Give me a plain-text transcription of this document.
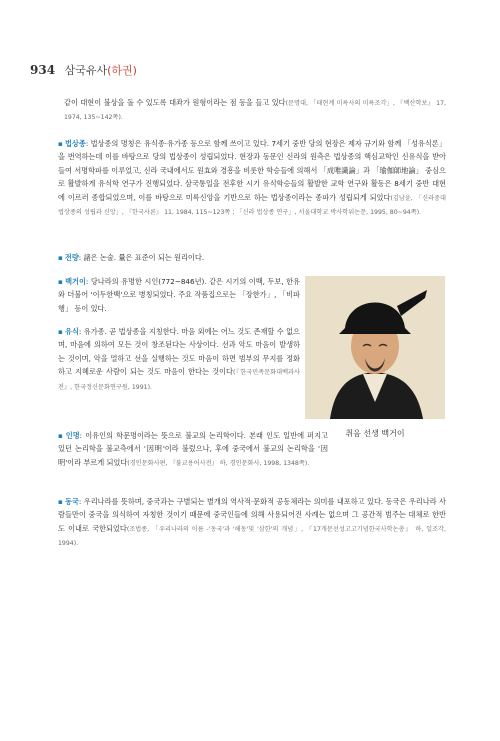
934 삼국유사(하권)
같이 대현이 불상을 돌 수 있도록 대좌가 원형이라는 점 등을 들고 있다(문명대, 「태현계 미륵사의 미륵조각」, 『백산학보』 17, 1974, 135~142쪽).
▪ 법상종: 법상종의 명칭은 유식종·유가종 등으로 함께 쓰이고 있다. 7세기 중반 당의 현장은 제자 규기와 함께 「성유식론」을 번역하는데 이를 바탕으로 당의 법상종이 성립되었다. 현장과 동문인 신라의 원측은 법상종의 핵심교학인 신유식을 받아들여 서명학파를 이루었고, 신라 국내에서도 원효와 경흥을 비롯한 학승들에 의해서 「成唯識論」과 「瑜伽師地論」 중심으로 활발하게 유식학 연구가 진행되었다. 삼국통일을 전후한 시기 유식학승들의 활발한 교학 연구와 활동은 8세기 중반 대현에 이르러 종합되었으며, 이를 바탕으로 미륵신앙을 기반으로 하는 법상종이라는 종파가 성립되게 되었다(김남윤, 「신라중대 법상종의 성립과 신앙」, 『한국사론』 11, 1984, 115~123쪽 ; 「신라 법상종 연구」, 서울대학교 박사학위논문, 1995, 80~94쪽).
▪ 전량: 諸은 논술. 量은 표준이 되는 원리이다.
▪ 백거이: 당나라의 유명한 시인(772~846년). 같은 시기의 이백, 두보, 한유와 더불어 '이두한백'으로 병칭되었다. 주요 작품집으로는 「장한가」, 「비파행」 등이 있다.
▪ 유식: 유가종. 곧 법상종을 지칭한다. 마음 외에는 어느 것도 존재할 수 없으며, 마음에 의하여 모든 것이 창조된다는 사상이다. 선과 악도 마음이 발생하는 것이며, 악을 멀하고 선을 실행하는 것도 마음이 하면 범부의 무지를 정화하고 지혜로운 사람이 되는 것도 마음이 한다는 것이다(『한국민족문화대백과사전』, 한국정신문화연구원, 1991).
취음 선생 백거이
▪ 인명: 이유인의 학문명이라는 뜻으로 불교의 논리학이다. 본래 인도 일반에 퍼지고 있던 논리학을 불교측에서 '因明'이라 불렀으나, 후에 중국에서 불교의 논리학을 '因明'이라 부르게 되었다(경인문화사편, 『불교용어사전』 하, 경인문화사, 1998, 1348쪽).
▪ 동국: 우리나라를 뜻하며, 중국과는 구별되는 별개의 역사적·문화적 공동체라는 의미를 내포하고 있다. 동국은 우리나라 사람들만이 중국을 의식하여 자칭한 것이기 때문에 중국인들에 의해 사용되어진 사례는 없으며 그 공간적 범주는 대체로 한반도 이내로 국한되었다(조법종, 「우리나라의 이름 -'동국'과 '해동'및 '삼한'의 개념」, 『17개문선성고고기념한국사학논총』 하, 일조각, 1994).
